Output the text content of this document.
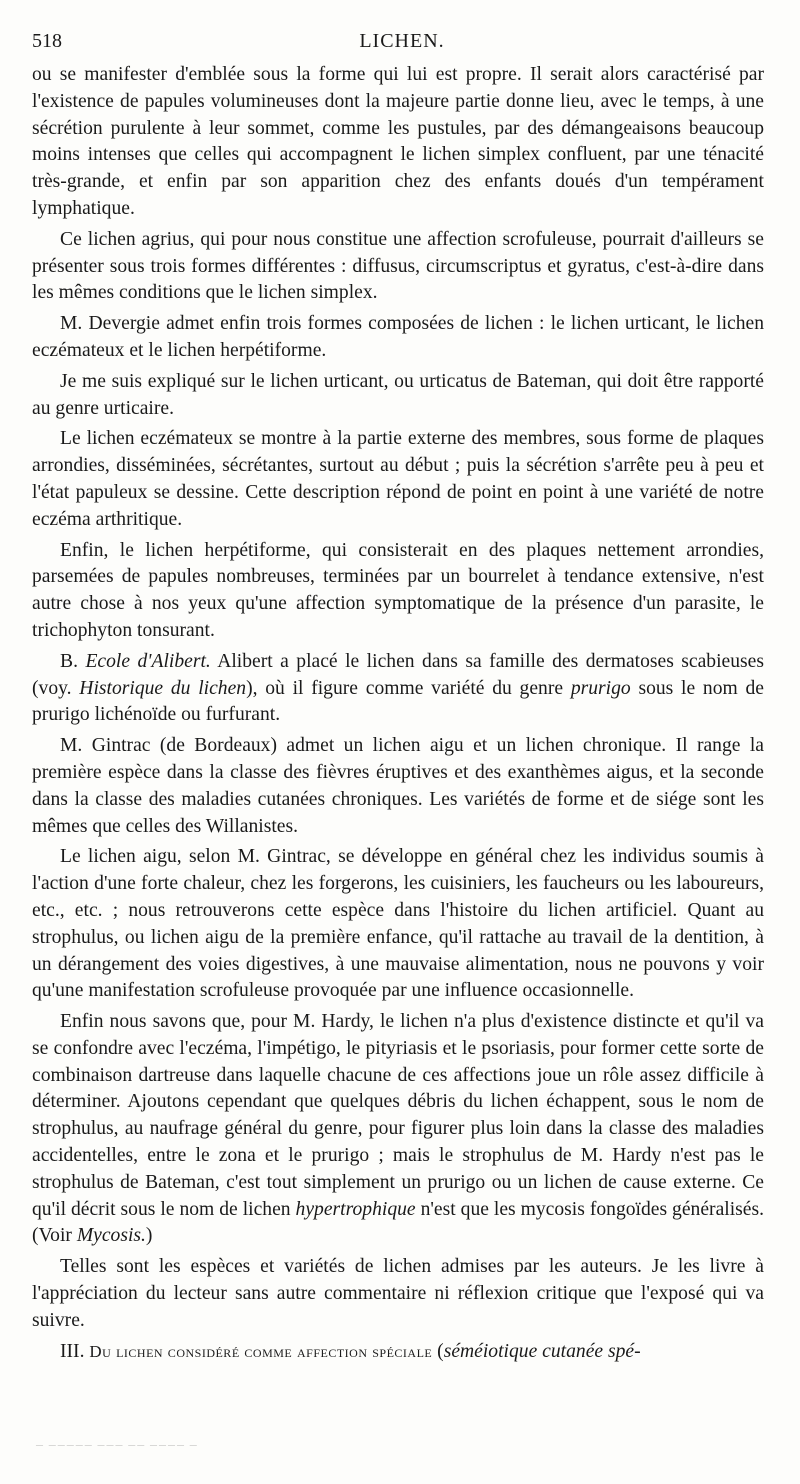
518	LICHEN.

ou se manifester d'emblée sous la forme qui lui est propre. Il serait alors caractérisé par l'existence de papules volumineuses dont la majeure partie donne lieu, avec le temps, à une sécrétion purulente à leur sommet, comme les pustules, par des démangeaisons beaucoup moins intenses que celles qui accompagnent le lichen simplex confluent, par une ténacité très-grande, et enfin par son apparition chez des enfants doués d'un tempérament lymphatique.

Ce lichen agrius, qui pour nous constitue une affection scrofuleuse, pourrait d'ailleurs se présenter sous trois formes différentes : diffusus, circumscriptus et gyratus, c'est-à-dire dans les mêmes conditions que le lichen simplex.

M. Devergie admet enfin trois formes composées de lichen : le lichen urticant, le lichen eczémateux et le lichen herpétiforme.

Je me suis expliqué sur le lichen urticant, ou urticatus de Bateman, qui doit être rapporté au genre urticaire.

Le lichen eczémateux se montre à la partie externe des membres, sous forme de plaques arrondies, disséminées, sécrétantes, surtout au début ; puis la sécrétion s'arrête peu à peu et l'état papuleux se dessine. Cette description répond de point en point à une variété de notre eczéma arthritique.

Enfin, le lichen herpétiforme, qui consisterait en des plaques nettement arrondies, parsemées de papules nombreuses, terminées par un bourrelet à tendance extensive, n'est autre chose à nos yeux qu'une affection symptomatique de la présence d'un parasite, le trichophyton tonsurant.

B. Ecole d'Alibert. Alibert a placé le lichen dans sa famille des dermatoses scabieuses (voy. Historique du lichen), où il figure comme variété du genre prurigo sous le nom de prurigo lichénoïde ou furfurant.

M. Gintrac (de Bordeaux) admet un lichen aigu et un lichen chronique. Il range la première espèce dans la classe des fièvres éruptives et des exanthèmes aigus, et la seconde dans la classe des maladies cutanées chroniques. Les variétés de forme et de siége sont les mêmes que celles des Willanistes.

Le lichen aigu, selon M. Gintrac, se développe en général chez les individus soumis à l'action d'une forte chaleur, chez les forgerons, les cuisiniers, les faucheurs ou les laboureurs, etc., etc. ; nous retrouverons cette espèce dans l'histoire du lichen artificiel. Quant au strophulus, ou lichen aigu de la première enfance, qu'il rattache au travail de la dentition, à un dérangement des voies digestives, à une mauvaise alimentation, nous ne pouvons y voir qu'une manifestation scrofuleuse provoquée par une influence occasionnelle.

Enfin nous savons que, pour M. Hardy, le lichen n'a plus d'existence distincte et qu'il va se confondre avec l'eczéma, l'impétigo, le pityriasis et le psoriasis, pour former cette sorte de combinaison dartreuse dans laquelle chacune de ces affections joue un rôle assez difficile à déterminer. Ajoutons cependant que quelques débris du lichen échappent, sous le nom de strophulus, au naufrage général du genre, pour figurer plus loin dans la classe des maladies accidentelles, entre le zona et le prurigo ; mais le strophulus de M. Hardy n'est pas le strophulus de Bateman, c'est tout simplement un prurigo ou un lichen de cause externe. Ce qu'il décrit sous le nom de lichen hypertrophique n'est que les mycosis fongoïdes généralisés. (Voir Mycosis.)

Telles sont les espèces et variétés de lichen admises par les auteurs. Je les livre à l'appréciation du lecteur sans autre commentaire ni réflexion critique que l'exposé qui va suivre.

III. Du lichen considéré comme affection spéciale (séméiotique cutanée spé-

— ————— ——— —— ———— —
